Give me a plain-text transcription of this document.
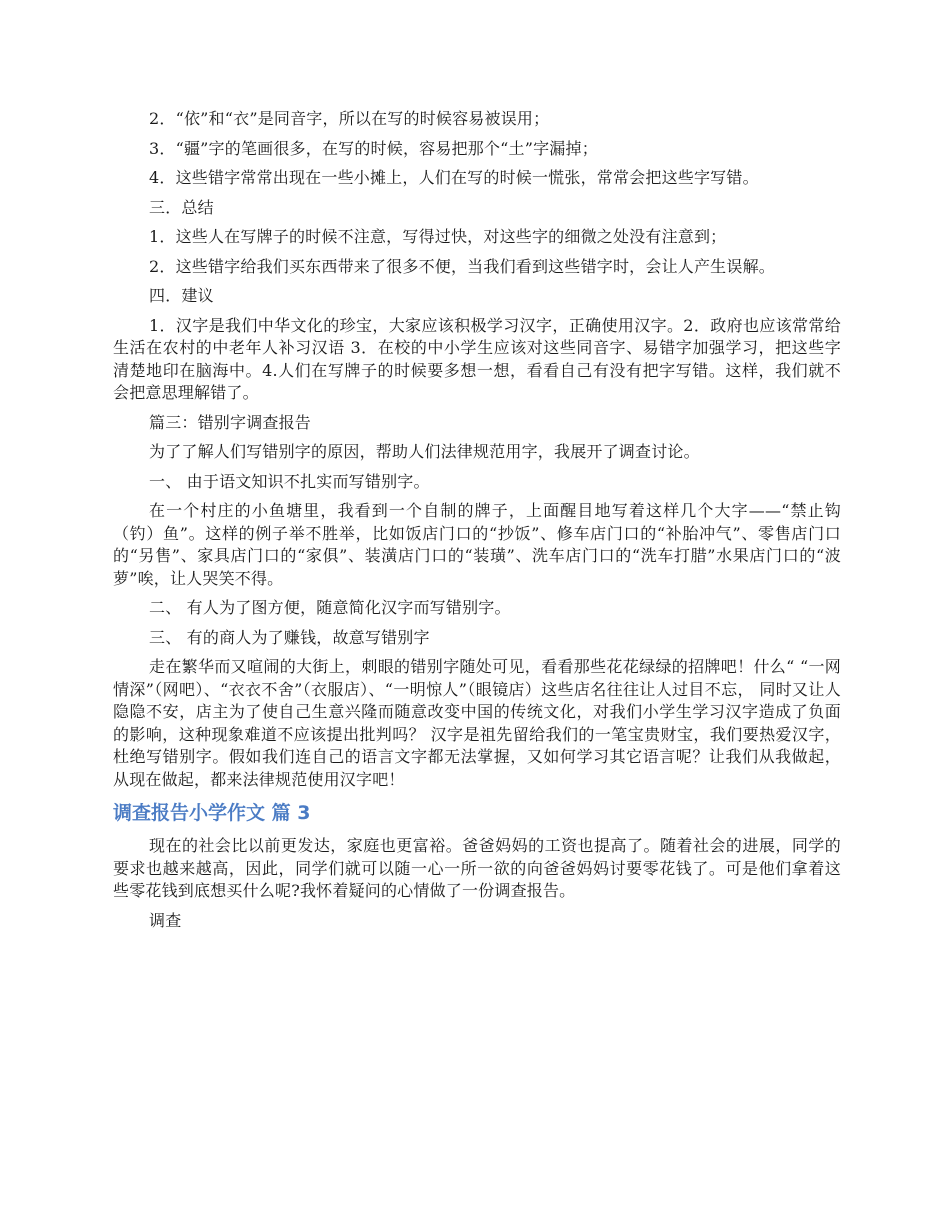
2．“依”和“衣”是同音字，所以在写的时候容易被误用；

3．“疆”字的笔画很多，在写的时候，容易把那个“土”字漏掉；

4．这些错字常常出现在一些小摊上，人们在写的时候一慌张，常常会把这些字写错。

三．总结

1．这些人在写牌子的时候不注意，写得过快，对这些字的细微之处没有注意到；

2．这些错字给我们买东西带来了很多不便，当我们看到这些错字时，会让人产生误解。

四．建议

1．汉字是我们中华文化的珍宝，大家应该积极学习汉字，正确使用汉字。2．政府也应该常常给生活在农村的中老年人补习汉语 3．在校的中小学生应该对这些同音字、易错字加强学习，把这些字清楚地印在脑海中。4.人们在写牌子的时候要多想一想，看看自己有没有把字写错。这样，我们就不会把意思理解错了。

篇三：错别字调查报告

为了了解人们写错别字的原因，帮助人们法律规范用字，我展开了调查讨论。

一、 由于语文知识不扎实而写错别字。

在一个村庄的小鱼塘里，我看到一个自制的牌子，上面醒目地写着这样几个大字——“禁止钩（钓）鱼”。这样的例子举不胜举，比如饭店门口的“抄饭”、修车店门口的“补胎冲气”、零售店门口的“另售”、家具店门口的“家俱”、装潢店门口的“装璜”、洗车店门口的“洗车打腊”水果店门口的“波萝”唉，让人哭笑不得。

二、 有人为了图方便，随意简化汉字而写错别字。

三、 有的商人为了赚钱，故意写错别字

走在繁华而又喧闹的大街上，刺眼的错别字随处可见，看看那些花花绿绿的招牌吧！什么“ “一网情深”（网吧）、“衣衣不舍”（衣服店）、“一明惊人”（眼镜店）这些店名往往让人过目不忘， 同时又让人隐隐不安，店主为了使自己生意兴隆而随意改变中国的传统文化，对我们小学生学习汉字造成了负面的影响，这种现象难道不应该提出批判吗？ 汉字是祖先留给我们的一笔宝贵财宝，我们要热爱汉字，杜绝写错别字。假如我们连自己的语言文字都无法掌握，又如何学习其它语言呢？让我们从我做起，从现在做起，都来法律规范使用汉字吧！

调查报告小学作文 篇 3

现在的社会比以前更发达，家庭也更富裕。爸爸妈妈的工资也提高了。随着社会的进展，同学的要求也越来越高，因此，同学们就可以随一心一所一欲的向爸爸妈妈讨要零花钱了。可是他们拿着这些零花钱到底想买什么呢?我怀着疑问的心情做了一份调查报告。

调查
